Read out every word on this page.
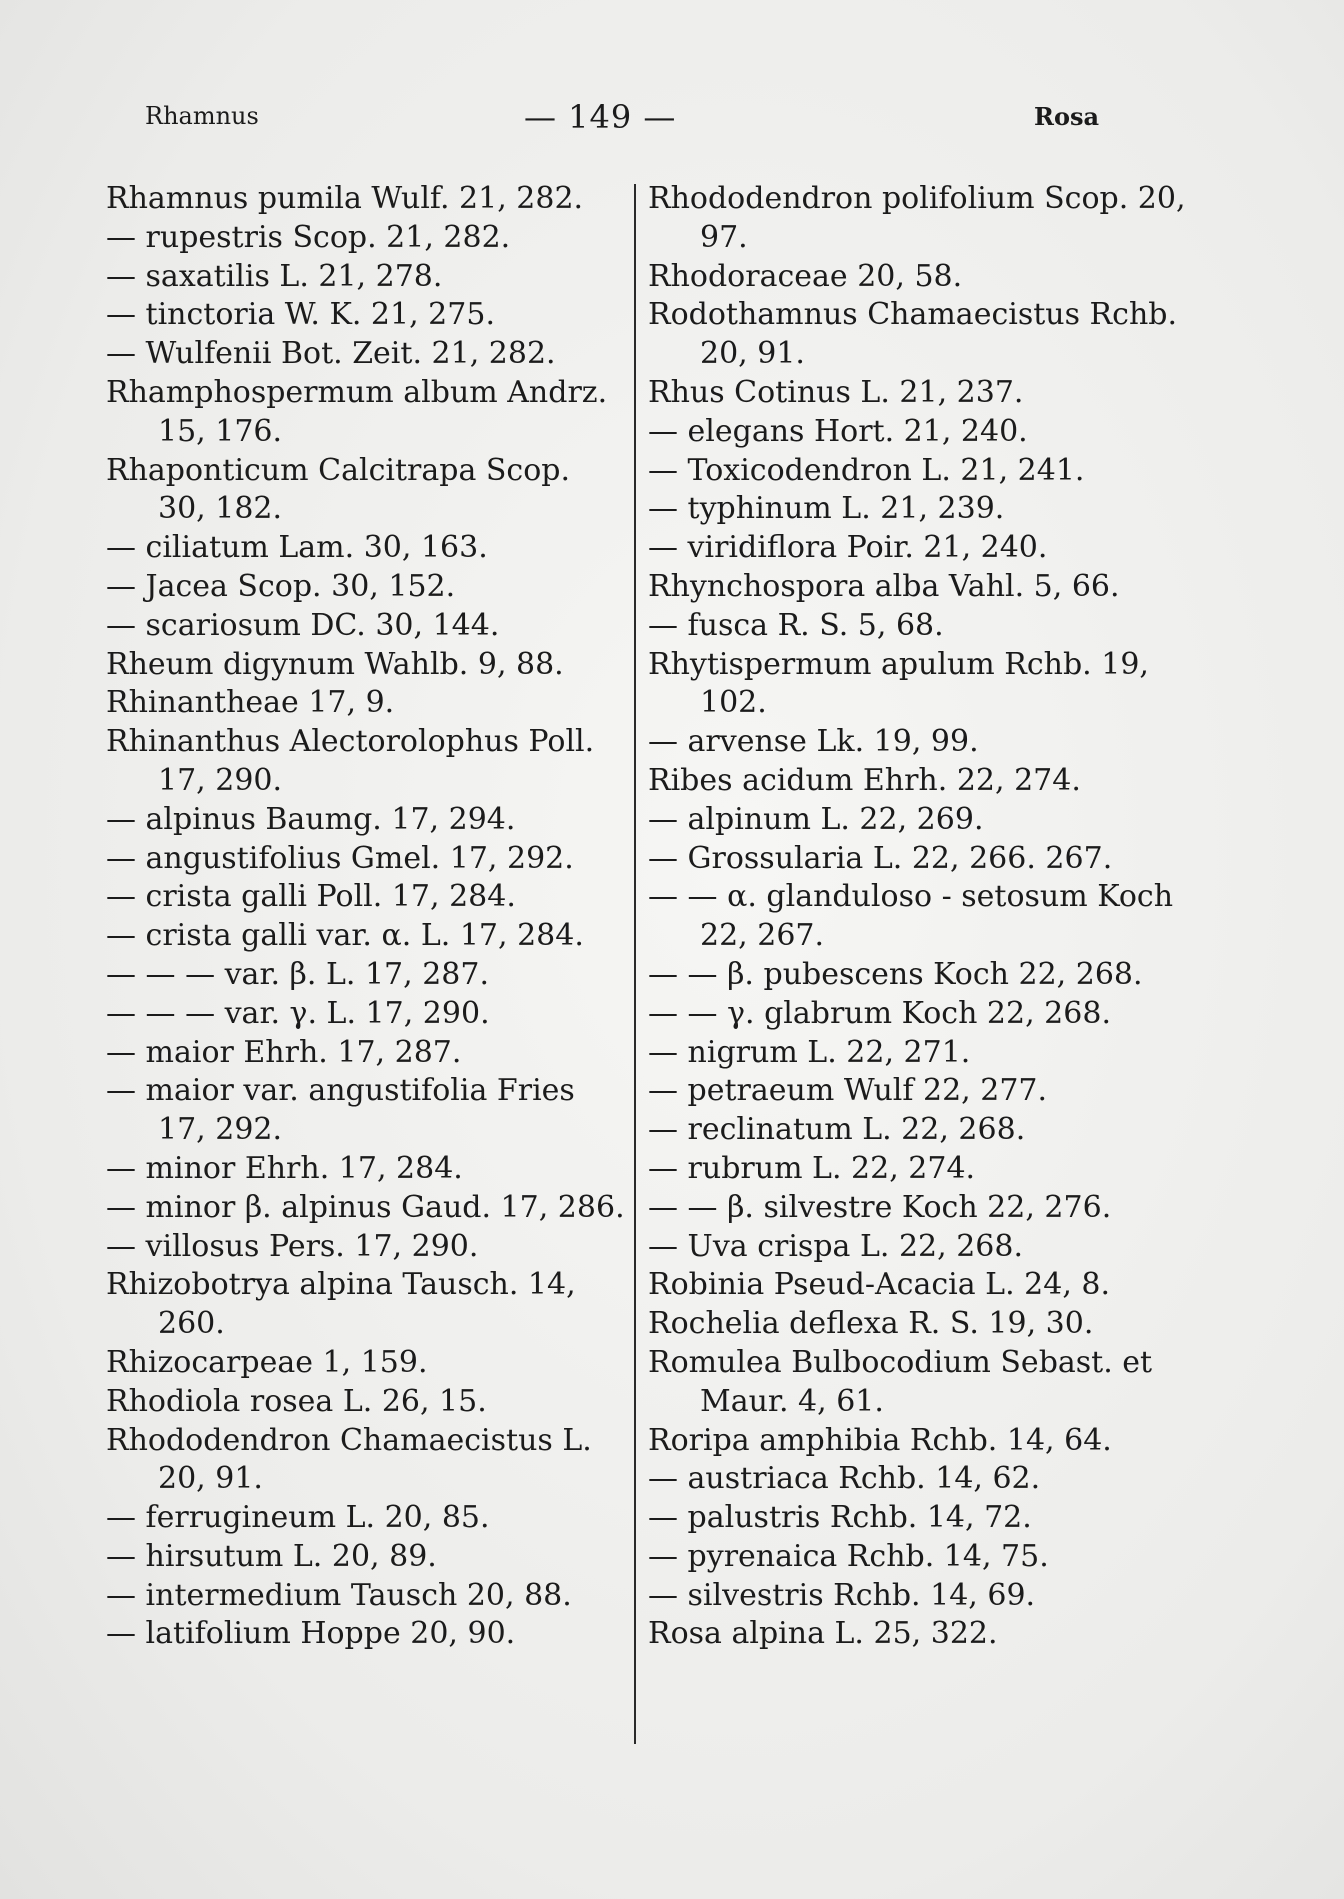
Rhamnus	— 149 —	Rosa
Rhamnus pumila Wulf. 21, 282.
— rupestris Scop. 21, 282.
— saxatilis L. 21, 278.
— tinctoria W. K. 21, 275.
— Wulfenii Bot. Zeit. 21, 282.
Rhamphospermum album Andrz. 15, 176.
Rhaponticum Calcitrapa Scop. 30, 182.
— ciliatum Lam. 30, 163.
— Jacea Scop. 30, 152.
— scariosum DC. 30, 144.
Rheum digynum Wahlb. 9, 88.
Rhinantheae 17, 9.
Rhinanthus Alectorolophus Poll. 17, 290.
— alpinus Baumg. 17, 294.
— angustifolius Gmel. 17, 292.
— crista galli Poll. 17, 284.
— crista galli var. α. L. 17, 284.
— — — var. β. L. 17, 287.
— — — var. γ. L. 17, 290.
— maior Ehrh. 17, 287.
— maior var. angustifolia Fries 17, 292.
— minor Ehrh. 17, 284.
— minor β. alpinus Gaud. 17, 286.
— villosus Pers. 17, 290.
Rhizobotrya alpina Tausch. 14, 260.
Rhizocarpeae 1, 159.
Rhodiola rosea L. 26, 15.
Rhododendron Chamaecistus L. 20, 91.
— ferrugineum L. 20, 85.
— hirsutum L. 20, 89.
— intermedium Tausch 20, 88.
— latifolium Hoppe 20, 90.
Rhododendron polifolium Scop. 20, 97.
Rhodoraceae 20, 58.
Rodothamnus Chamaecistus Rchb. 20, 91.
Rhus Cotinus L. 21, 237.
— elegans Hort. 21, 240.
— Toxicodendron L. 21, 241.
— typhinum L. 21, 239.
— viridiflora Poir. 21, 240.
Rhynchospora alba Vahl. 5, 66.
— fusca R. S. 5, 68.
Rhytispermum apulum Rchb. 19, 102.
— arvense Lk. 19, 99.
Ribes acidum Ehrh. 22, 274.
— alpinum L. 22, 269.
— Grossularia L. 22, 266. 267.
— — α. glanduloso - setosum Koch 22, 267.
— — β. pubescens Koch 22, 268.
— — γ. glabrum Koch 22, 268.
— nigrum L. 22, 271.
— petraeum Wulf 22, 277.
— reclinatum L. 22, 268.
— rubrum L. 22, 274.
— — β. silvestre Koch 22, 276.
— Uva crispa L. 22, 268.
Robinia Pseud-Acacia L. 24, 8.
Rochelia deflexa R. S. 19, 30.
Romulea Bulbocodium Sebast. et Maur. 4, 61.
Roripa amphibia Rchb. 14, 64.
— austriaca Rchb. 14, 62.
— palustris Rchb. 14, 72.
— pyrenaica Rchb. 14, 75.
— silvestris Rchb. 14, 69.
Rosa alpina L. 25, 322.
